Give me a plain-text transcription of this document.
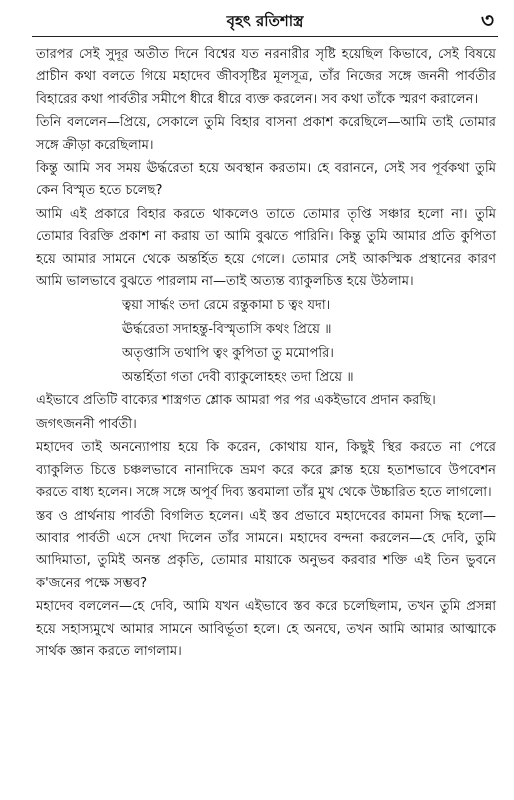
বৃহৎ রতিশাস্ত্র	৩

তারপর সেই সুদূর অতীত দিনে বিশ্বের যত নরনারীর সৃষ্টি হয়েছিল কিভাবে, সেই বিষয়ে প্রাচীন কথা বলতে গিয়ে মহাদেব জীবসৃষ্টির মূলসূত্র, তাঁর নিজের সঙ্গে জননী পার্বতীর বিহারের কথা পার্বতীর সমীপে ধীরে ধীরে ব্যক্ত করলেন। সব কথা তাঁকে স্মরণ করালেন।

তিনি বললেন—প্রিয়ে, সেকালে তুমি বিহার বাসনা প্রকাশ করেছিলে—আমি তাই তোমার সঙ্গে ক্রীড়া করেছিলাম।

কিন্তু আমি সব সময় ঊর্দ্ধরেতা হয়ে অবস্থান করতাম। হে বরাননে, সেই সব পূর্বকথা তুমি কেন বিস্মৃত হতে চলেছ?

আমি এই প্রকারে বিহার করতে থাকলেও তাতে তোমার তৃপ্তি সঞ্চার হলো না। তুমি তোমার বিরক্তি প্রকাশ না করায় তা আমি বুঝতে পারিনি। কিন্তু তুমি আমার প্রতি কুপিতা হয়ে আমার সামনে থেকে অন্তর্হিত হয়ে গেলে। তোমার সেই আকস্মিক প্রস্থানের কারণ আমি ভালভাবে বুঝতে পারলাম না—তাই অত্যন্ত ব্যাকুলচিত্ত হয়ে উঠলাম।

ত্বয়া সার্দ্ধং তদা রেমে রন্তুকামা চ ত্বং যদা।
ঊর্দ্ধরেতা সদাহন্তু-বিস্মৃতাসি কথং প্রিয়ে ॥
অতৃপ্তাসি তথাপি ত্বং কুপিতা তু মমোপরি।
অন্তর্হিতা গতা দেবী ব্যাকুলোহহং তদা প্রিয়ে ॥

এইভাবে প্রতিটি বাক্যের শাস্ত্রগত শ্লোক আমরা পর পর একইভাবে প্রদান করছি।

জগৎজননী পার্বতী।

মহাদেব তাই অনন্যোপায় হয়ে কি করেন, কোথায় যান, কিছুই স্থির করতে না পেরে ব্যাকুলিত চিত্তে চঞ্চলভাবে নানাদিকে ভ্রমণ করে করে ক্লান্ত হয়ে হতাশভাবে উপবেশন করতে বাধ্য হলেন। সঙ্গে সঙ্গে অপূর্ব দিব্য স্তবমালা তাঁর মুখ থেকে উচ্চারিত হতে লাগলো।

স্তব ও প্রার্থনায় পার্বতী বিগলিত হলেন। এই স্তব প্রভাবে মহাদেবের কামনা সিদ্ধ হলো—আবার পার্বতী এসে দেখা দিলেন তাঁর সামনে। মহাদেব বন্দনা করলেন—হে দেবি, তুমি আদিমাতা, তুমিই অনন্ত প্রকৃতি, তোমার মায়াকে অনুভব করবার শক্তি এই তিন ভুবনে ক'জনের পক্ষে সম্ভব?

মহাদেব বললেন—হে দেবি, আমি যখন এইভাবে স্তব করে চলেছিলাম, তখন তুমি প্রসন্না হয়ে সহাস্যমুখে আমার সামনে আবির্ভূতা হলে। হে অনঘে, তখন আমি আমার আত্মাকে সার্থক জ্ঞান করতে লাগলাম।
